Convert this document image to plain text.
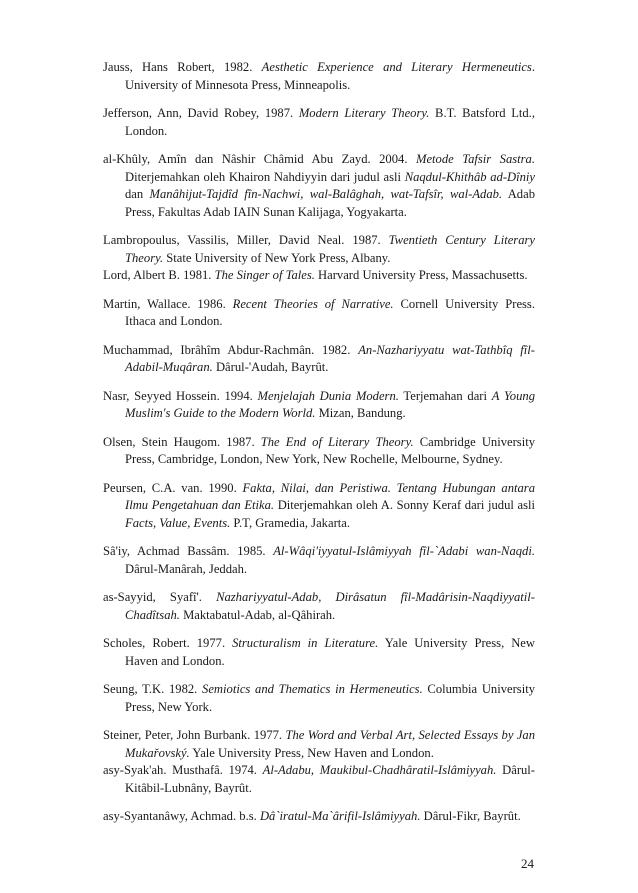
Jauss, Hans Robert, 1982. Aesthetic Experience and Literary Hermeneutics. University of Minnesota Press, Minneapolis.
Jefferson, Ann, David Robey, 1987. Modern Literary Theory. B.T. Batsford Ltd., London.
al-Khûly, Amîn dan Nâshir Châmid Abu Zayd. 2004. Metode Tafsir Sastra. Diterjemahkan oleh Khairon Nahdiyyin dari judul asli Naqdul-Khithâb ad-Dîniy dan Manâhijut-Tajdîd fîn-Nachwi, wal-Balâghah, wat-Tafsîr, wal-Adab. Adab Press, Fakultas Adab IAIN Sunan Kalijaga, Yogyakarta.
Lambropoulus, Vassilis, Miller, David Neal. 1987. Twentieth Century Literary Theory. State University of New York Press, Albany.
Lord, Albert B. 1981. The Singer of Tales. Harvard University Press, Massachusetts.
Martin, Wallace. 1986. Recent Theories of Narrative. Cornell University Press. Ithaca and London.
Muchammad, Ibrâhîm Abdur-Rachmân. 1982. An-Nazhariyyatu wat-Tathbîq fîl-Adabil-Muqâran. Dârul-'Audah, Bayrût.
Nasr, Seyyed Hossein. 1994. Menjelajah Dunia Modern. Terjemahan dari A Young Muslim's Guide to the Modern World. Mizan, Bandung.
Olsen, Stein Haugom. 1987. The End of Literary Theory. Cambridge University Press, Cambridge, London, New York, New Rochelle, Melbourne, Sydney.
Peursen, C.A. van. 1990. Fakta, Nilai, dan Peristiwa. Tentang Hubungan antara Ilmu Pengetahuan dan Etika. Diterjemahkan oleh A. Sonny Keraf dari judul asli Facts, Value, Events. P.T, Gramedia, Jakarta.
Sâ'iy, Achmad Bassâm. 1985. Al-Wâqi'iyyatul-Islâmiyyah fîl-`Adabi wan-Naqdi. Dârul-Manârah, Jeddah.
as-Sayyid, Syafî'. Nazhariyyatul-Adab, Dirâsatun fîl-Madârisin-Naqdiyyatil-Chadîtsah. Maktabatul-Adab, al-Qâhirah.
Scholes, Robert. 1977. Structuralism in Literature. Yale University Press, New Haven and London.
Seung, T.K. 1982. Semiotics and Thematics in Hermeneutics. Columbia University Press, New York.
Steiner, Peter, John Burbank. 1977. The Word and Verbal Art, Selected Essays by Jan Mukařovský. Yale University Press, New Haven and London.
asy-Syak'ah. Musthafâ. 1974. Al-Adabu, Maukibul-Chadhâratil-Islâmiyyah. Dârul-Kitâbil-Lubnâny, Bayrût.
asy-Syantanâwy, Achmad. b.s. Dâ`iratul-Ma`ârifil-Islâmiyyah. Dârul-Fikr, Bayrût.
24
